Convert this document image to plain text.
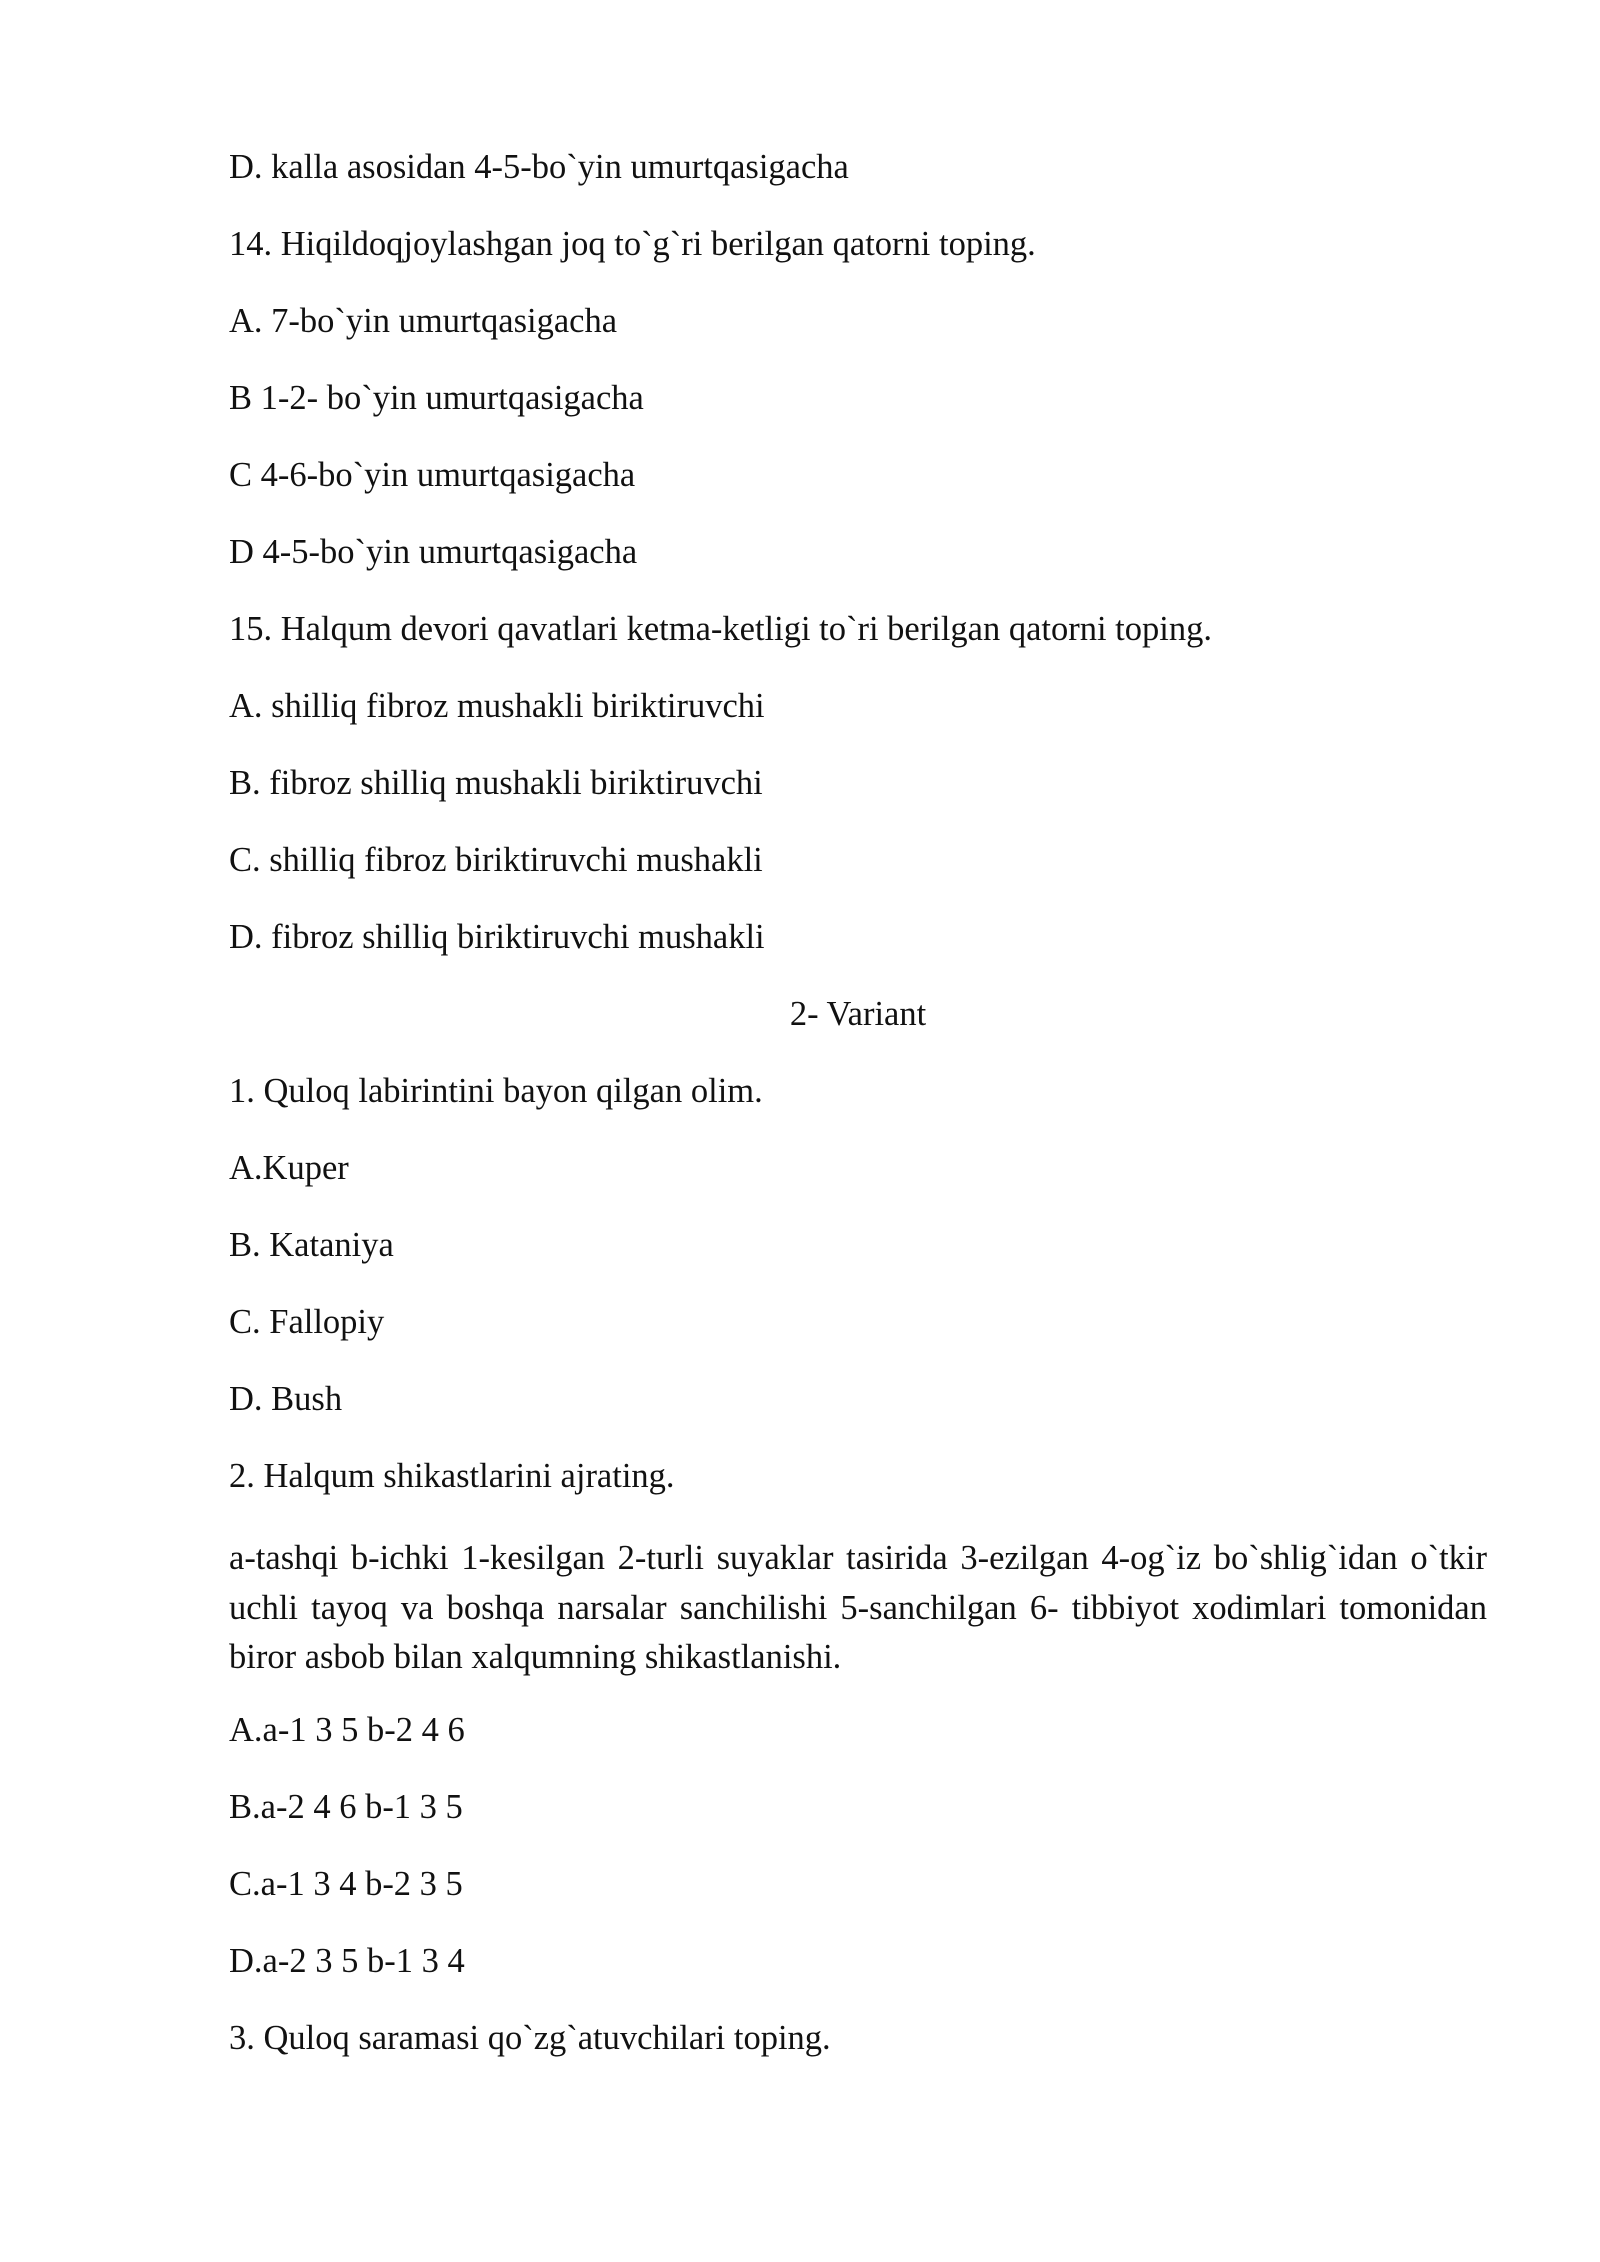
D. kalla asosidan 4-5-bo`yin umurtqasigacha
14. Hiqildoqjoylashgan joq to`g`ri berilgan qatorni toping.
A. 7-bo`yin umurtqasigacha
B 1-2- bo`yin umurtqasigacha
C 4-6-bo`yin umurtqasigacha
D 4-5-bo`yin umurtqasigacha
15. Halqum devori qavatlari ketma-ketligi to`ri berilgan qatorni toping.
A. shilliq fibroz mushakli biriktiruvchi
B. fibroz shilliq mushakli biriktiruvchi
C. shilliq fibroz biriktiruvchi mushakli
D. fibroz shilliq biriktiruvchi mushakli
2- Variant
1. Quloq labirintini bayon qilgan olim.
A.Kuper
B. Kataniya
C. Fallopiy
D. Bush
2. Halqum shikastlarini ajrating.
a-tashqi b-ichki 1-kesilgan 2-turli suyaklar tasirida 3-ezilgan 4-og`iz bo`shlig`idan o`tkir uchli tayoq va boshqa narsalar sanchilishi 5-sanchilgan 6- tibbiyot xodimlari tomonidan biror asbob bilan xalqumning shikastlanishi.
A.a-1 3 5 b-2 4 6
B.a-2 4 6 b-1 3 5
C.a-1 3 4 b-2 3 5
D.a-2 3 5 b-1 3 4
3. Quloq saramasi qo`zg`atuvchilari toping.
